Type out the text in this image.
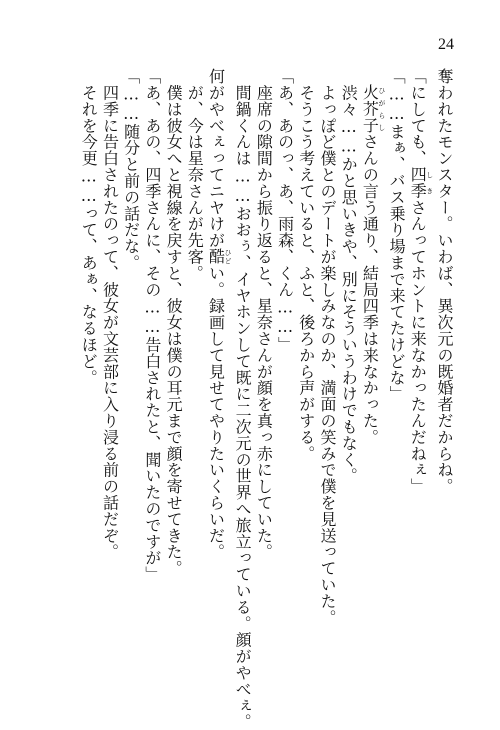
24
奪われたモンスター。いわば、異次元の既婚者だからね。
「にしても、四季しきさんってホントに来なかったんだねぇ」
「……まぁ、バス乗り場まで来てたけどな」
　火芥子ひがらしさんの言う通り、結局四季は来なかった。
　渋々……かと思いきや、別にそういうわけでもなく。
　よっぽど僕とのデートが楽しみなのか、満面の笑みで僕を見送っていた。
　そうこう考えていると、ふと、後ろから声がする。
「あ、あのっ、あ、雨森、くん……」
　座席の隙間から振り返ると、星奈さんが顔を真っ赤にしていた。
　間鍋くんは……おおぅ、イヤホンして既に二次元の世界へ旅立っている。顔がやべぇ。
何がやべぇってニヤけが酷ひどい。録画して見せてやりたいくらいだ。
　が、今は星奈さんが先客。
　僕は彼女へと視線を戻すと、彼女は僕の耳元まで顔を寄せてきた。
「あ、あの、四季さんに、その……告白されたと、聞いたのですが」
「……随分と前の話だな。
　四季に告白されたのって、彼女が文芸部に入り浸る前の話だぞ。
　それを今更……って、あぁ、なるほど。
